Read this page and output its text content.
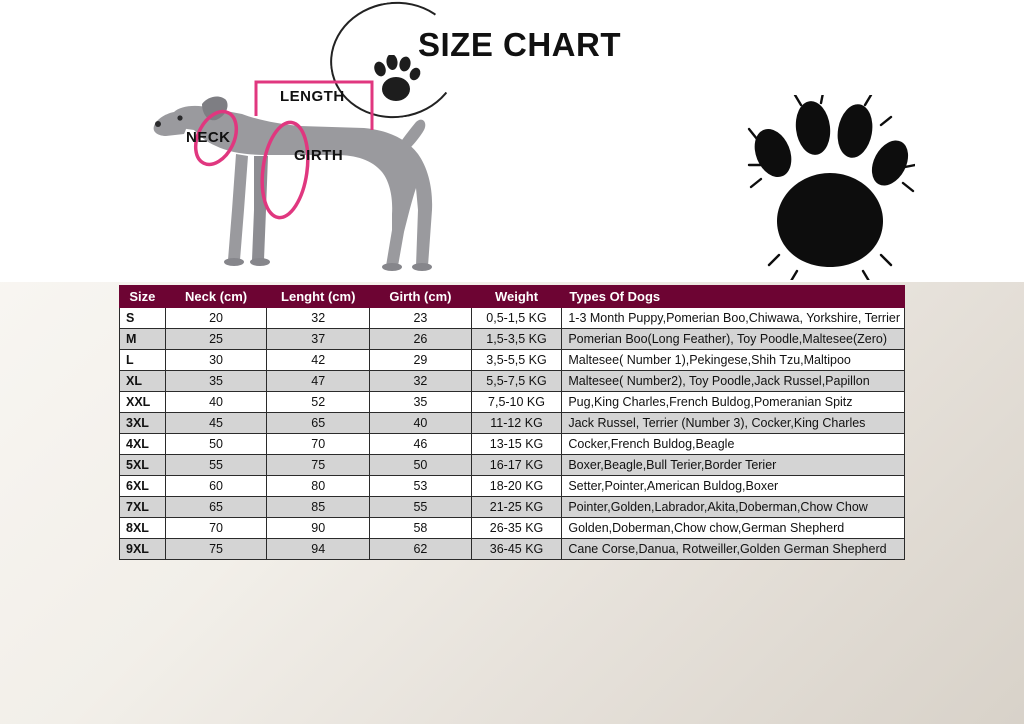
SIZE CHART
LENGTH
NECK
GIRTH
Size	Neck (cm)	Lenght (cm)	Girth (cm)	Weight	Types Of Dogs
S	20	32	23	0,5-1,5 KG	1-3 Month Puppy,Pomerian Boo,Chiwawa, Yorkshire, Terrier
M	25	37	26	1,5-3,5 KG	Pomerian Boo(Long Feather), Toy Poodle,Maltesee(Zero)
L	30	42	29	3,5-5,5 KG	Maltesee( Number 1),Pekingese,Shih Tzu,Maltipoo
XL	35	47	32	5,5-7,5 KG	Maltesee( Number2), Toy Poodle,Jack Russel,Papillon
XXL	40	52	35	7,5-10 KG	Pug,King Charles,French Buldog,Pomeranian Spitz
3XL	45	65	40	11-12 KG	Jack Russel, Terrier (Number 3), Cocker,King Charles
4XL	50	70	46	13-15 KG	Cocker,French Buldog,Beagle
5XL	55	75	50	16-17 KG	Boxer,Beagle,Bull Terier,Border Terier
6XL	60	80	53	18-20 KG	Setter,Pointer,American Buldog,Boxer
7XL	65	85	55	21-25 KG	Pointer,Golden,Labrador,Akita,Doberman,Chow Chow
8XL	70	90	58	26-35 KG	Golden,Doberman,Chow chow,German Shepherd
9XL	75	94	62	36-45 KG	Cane Corse,Danua, Rotweiller,Golden German Shepherd
